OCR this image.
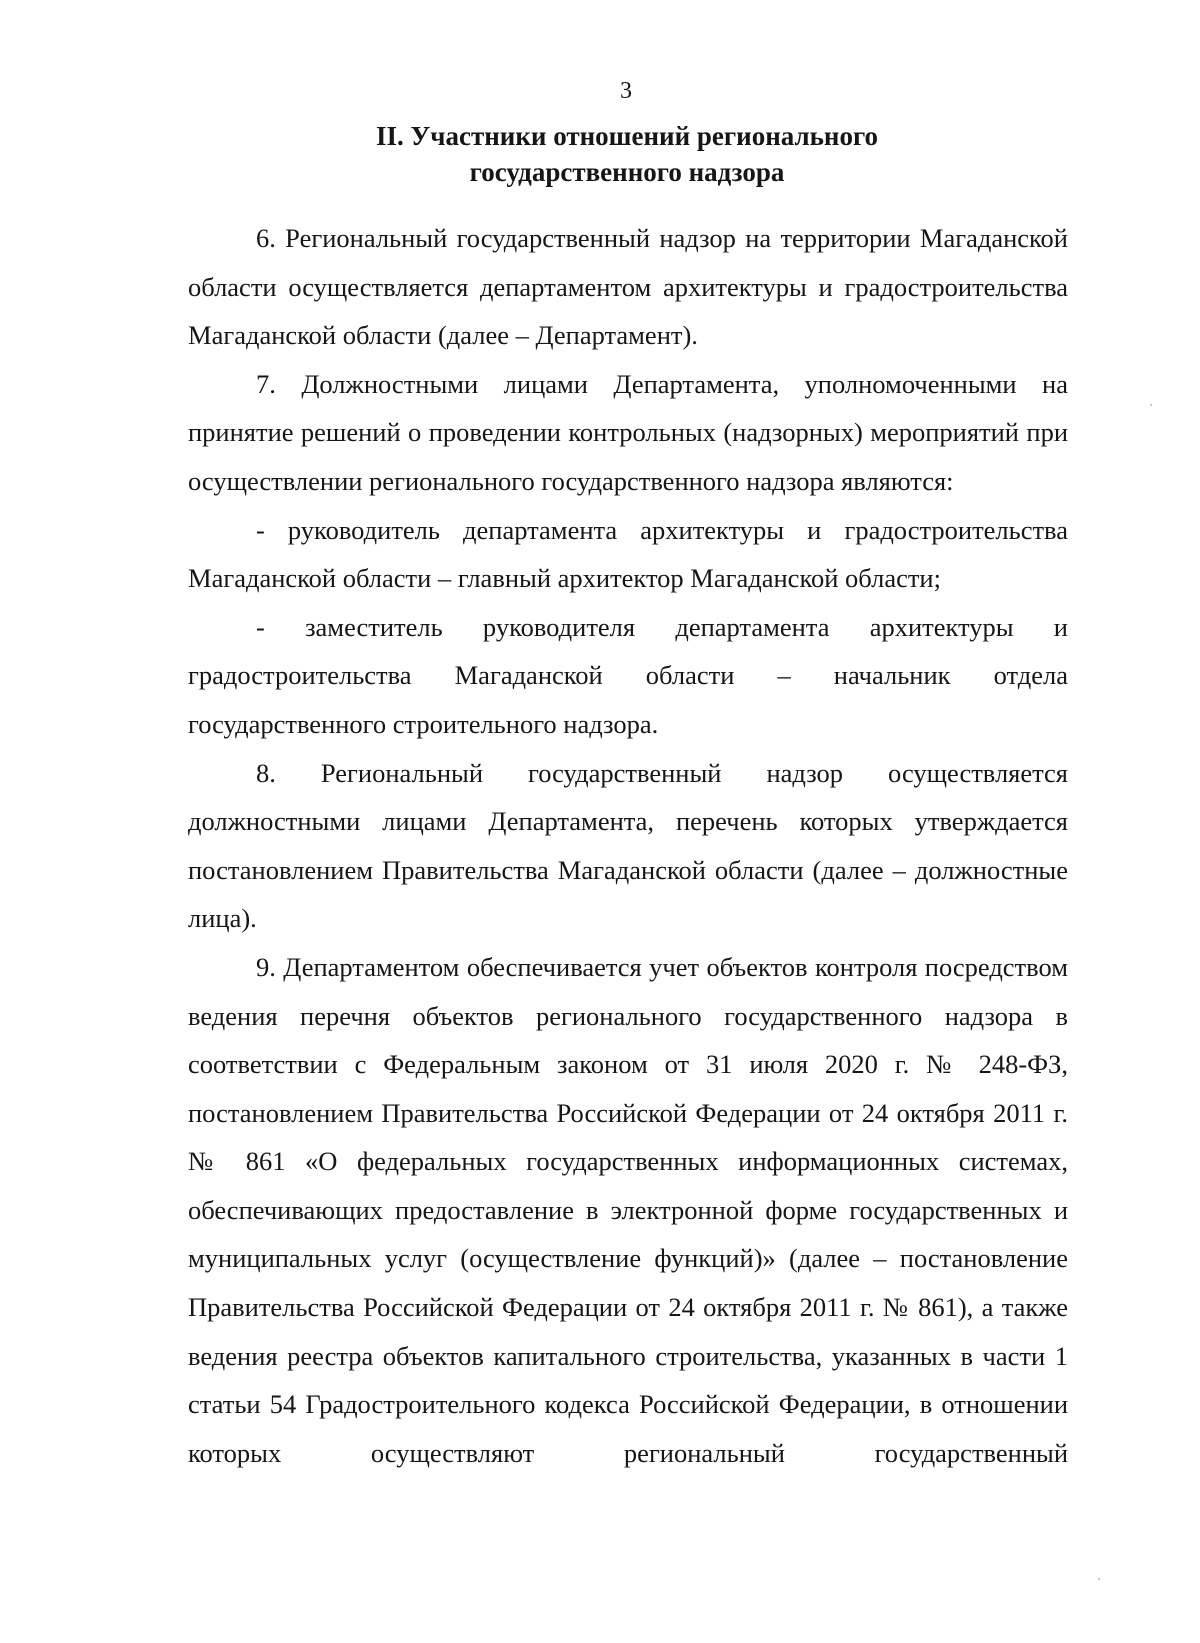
3
II. Участники отношений регионального
государственного надзора

6. Региональный государственный надзор на территории Магаданской области осуществляется департаментом архитектуры и градостроительства Магаданской области (далее – Департамент).

7. Должностными лицами Департамента, уполномоченными на принятие решений о проведении контрольных (надзорных) мероприятий при осуществлении регионального государственного надзора являются:

- руководитель департамента архитектуры и градостроительства Магаданской области – главный архитектор Магаданской области;

- заместитель руководителя департамента архитектуры и градостроительства Магаданской области – начальник отдела государственного строительного надзора.

8. Региональный государственный надзор осуществляется должностными лицами Департамента, перечень которых утверждается постановлением Правительства Магаданской области (далее – должностные лица).

9. Департаментом обеспечивается учет объектов контроля посредством ведения перечня объектов регионального государственного надзора в соответствии с Федеральным законом от 31 июля 2020 г. № 248-ФЗ, постановлением Правительства Российской Федерации от 24 октября 2011 г. № 861 «О федеральных государственных информационных системах, обеспечивающих предоставление в электронной форме государственных и муниципальных услуг (осуществление функций)» (далее – постановление Правительства Российской Федерации от 24 октября 2011 г. № 861), а также ведения реестра объектов капитального строительства, указанных в части 1 статьи 54 Градостроительного кодекса Российской Федерации, в отношении которых осуществляют региональный государственный
